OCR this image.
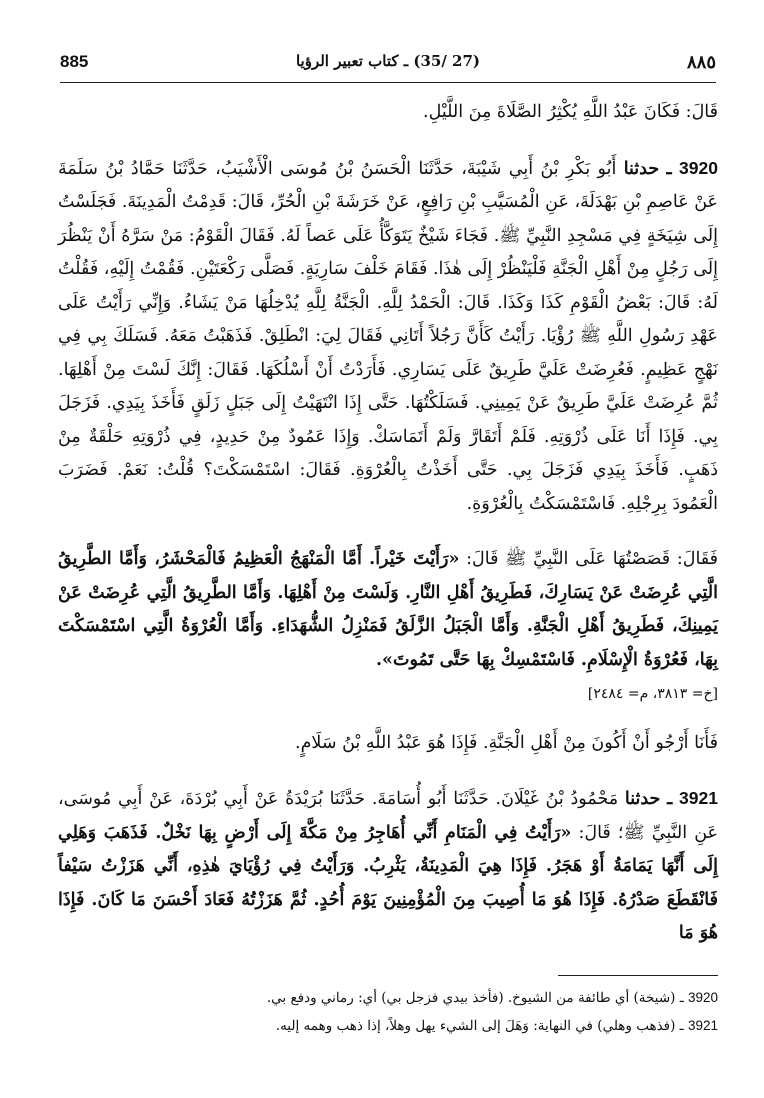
885	(27 /35) ـ كتاب تعبير الرؤيا	٨٨٥

قَالَ: فَكَانَ عَبْدُ اللَّهِ يُكْثِرُ الصَّلَاةَ مِنَ اللَّيْلِ.

3920 ـ حدثنا أَبُو بَكْرِ بْنُ أَبِي شَيْبَةَ، حَدَّثَنَا الْحَسَنُ بْنُ مُوسَى الْأَشْيَبُ، حَدَّثَنَا حَمَّادُ بْنُ سَلَمَةَ عَنْ عَاصِمِ بْنِ بَهْدَلَةَ، عَنِ الْمُسَيَّبِ بْنِ رَافِعٍ، عَنْ خَرَشَةَ بْنِ الْحُرِّ، قَالَ: قَدِمْتُ الْمَدِينَةَ. فَجَلَسْتُ إِلَى شِيَخَةٍ فِي مَسْجِدِ النَّبِيِّ ﷺ. فَجَاءَ شَيْخٌ يَتَوَكَّأُ عَلَى عَصاً لَهُ. فَقَالَ الْقَوْمُ: مَنْ سَرَّهُ أَنْ يَنْظُرَ إِلَى رَجُلٍ مِنْ أَهْلِ الْجَنَّةِ فَلْيَنْظُرْ إِلَى هٰذَا. فَقَامَ خَلْفَ سَارِيَةٍ. فَصَلَّى رَكْعَتَيْنِ. فَقُمْتُ إِلَيْهِ، فَقُلْتُ لَهُ: قَالَ: بَعْضُ الْقَوْمِ كَذَا وَكَذَا. قَالَ: الْحَمْدُ لِلَّهِ. الْجَنَّةُ لِلَّهِ يُدْخِلُهَا مَنْ يَشَاءُ. وَإِنِّي رَأَيْتُ عَلَى عَهْدِ رَسُولِ اللَّهِ ﷺ رُؤْيَا. رَأَيْتُ كَأَنَّ رَجُلاً أَتَانِي فَقَالَ لِيَ: انْطَلِقْ. فَذَهَبْتُ مَعَهُ. فَسَلَكَ بِي فِي نَهْجٍ عَظِيمٍ. فَعُرِضَتْ عَلَيَّ طَرِيقٌ عَلَى يَسَارِي. فَأَرَدْتُ أَنْ أَسْلُكَهَا. فَقَالَ: إِنَّكَ لَسْتَ مِنْ أَهْلِهَا. ثُمَّ عُرِضَتْ عَلَيَّ طَرِيقٌ عَنْ يَمِينِي. فَسَلَكْتُهَا. حَتَّى إِذَا انْتَهَيْتُ إِلَى جَبَلٍ زَلَقٍ فَأَخَذَ بِيَدِي. فَزَجَلَ بِي. فَإِذَا أَنَا عَلَى ذُرْوَتِهِ. فَلَمْ أَتَقَارَّ وَلَمْ أَتَمَاسَكْ. وَإِذَا عَمُودٌ مِنْ حَدِيدٍ، فِي ذُرْوَتِهِ حَلْقَةٌ مِنْ ذَهَبٍ. فَأَخَذَ بِيَدِي فَزَجَلَ بِي. حَتَّى أَخَذْتُ بِالْعُرْوَةِ. فَقَالَ: اسْتَمْسَكْتَ؟ قُلْتُ: نَعَمْ. فَضَرَبَ الْعَمُودَ بِرِجْلِهِ. فَاسْتَمْسَكْتُ بِالْعُرْوَةِ.

فَقَالَ: قَصَصْتُهَا عَلَى النَّبِيِّ ﷺ قَالَ: «رَأَيْتَ خَيْراً. أَمَّا الْمَنْهَجُ الْعَظِيمُ فَالْمَحْشَرُ، وَأَمَّا الطَّرِيقُ الَّتِي عُرِضَتْ عَنْ يَسَارِكَ، فَطَرِيقُ أَهْلِ النَّارِ. وَلَسْتَ مِنْ أَهْلِهَا. وَأَمَّا الطَّرِيقُ الَّتِي عُرِضَتْ عَنْ يَمِينِكَ، فَطَرِيقُ أَهْلِ الْجَنَّةِ. وَأَمَّا الْجَبَلُ الزَّلَقُ فَمَنْزِلُ الشُّهَدَاءِ. وَأَمَّا الْعُرْوَةُ الَّتِي اسْتَمْسَكْتَ بِهَا، فَعُرْوَةُ الْإِسْلَامِ. فَاسْتَمْسِكْ بِهَا حَتَّى تَمُوتَ».

[خ= ٣٨١٣، م= ٢٤٨٤]

فَأَنَا أَرْجُو أَنْ أَكُونَ مِنْ أَهْلِ الْجَنَّةِ. فَإِذَا هُوَ عَبْدُ اللَّهِ بْنُ سَلَامٍ.

3921 ـ حدثنا مَحْمُودُ بْنُ غَيْلَانَ. حَدَّثَنَا أَبُو أُسَامَةَ. حَدَّثَنَا بُرَيْدَةُ عَنْ أَبِي بُرْدَةَ، عَنْ أَبِي مُوسَى، عَنِ النَّبِيِّ ﷺ؛ قَالَ: «رَأَيْتُ فِي الْمَنَامِ أَنِّي أُهَاجِرُ مِنْ مَكَّةَ إِلَى أَرْضٍ بِهَا نَخْلٌ. فَذَهَبَ وَهَلِي إِلَى أَنَّهَا يَمَامَةُ أَوْ هَجَرُ. فَإِذَا هِيَ الْمَدِينَةُ، يَثْرِبُ. وَرَأَيْتُ فِي رُؤْيَايَ هٰذِهِ، أَنِّي هَزَزْتُ سَيْفاً فَانْقَطَعَ صَدْرُهُ. فَإِذَا هُوَ مَا أُصِيبَ مِنَ الْمُؤْمِنِينَ يَوْمَ أُحُدٍ. ثُمَّ هَزَزْتُهُ فَعَادَ أَحْسَنَ مَا كَانَ. فَإِذَا هُوَ مَا

3920 ـ (شيخة) أي طائفة من الشيوخ. (فأخذ بيدي فزجل بي) أي: رماني ودفع بي.
3921 ـ (فذهب وهلي) في النهاية: وَهَلَ إلى الشيء يهل وهلاً، إذا ذهب وهمه إليه.
